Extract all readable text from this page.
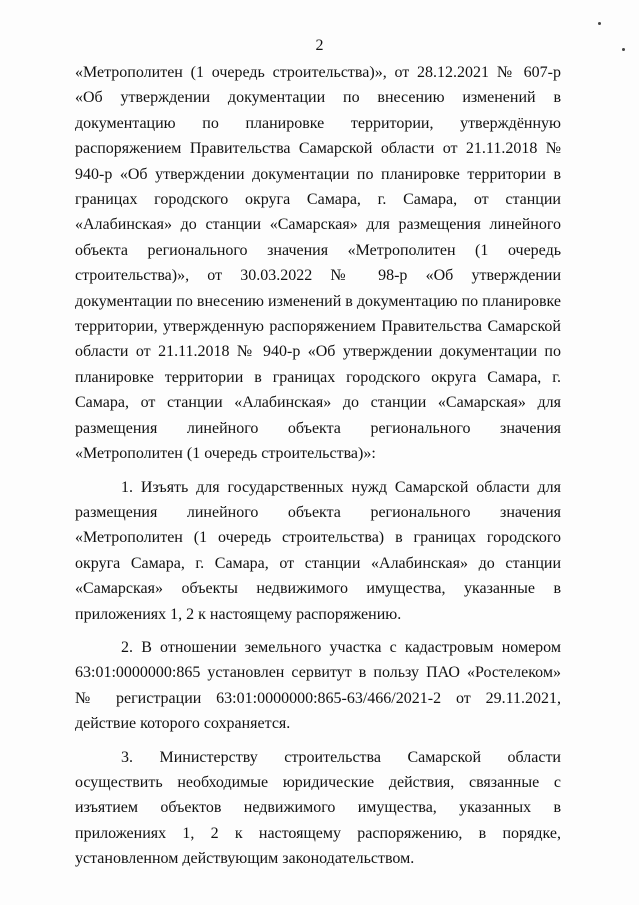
2

«Метрополитен (1 очередь строительства)», от 28.12.2021 № 607-р «Об утверждении документации по внесению изменений в документацию по планировке территории, утверждённую распоряжением Правительства Самарской области от 21.11.2018 № 940-р «Об утверждении документации по планировке территории в границах городского округа Самара, г. Самара, от станции «Алабинская» до станции «Самарская» для размещения линейного объекта регионального значения «Метрополитен (1 очередь строительства)», от 30.03.2022 № 98-р «Об утверждении документации по внесению изменений в документацию по планировке территории, утвержденную распоряжением Правительства Самарской области от 21.11.2018 № 940-р «Об утверждении документации по планировке территории в границах городского округа Самара, г. Самара, от станции «Алабинская» до станции «Самарская» для размещения линейного объекта регионального значения «Метрополитен (1 очередь строительства)»:

1. Изъять для государственных нужд Самарской области для размещения линейного объекта регионального значения «Метрополитен (1 очередь строительства) в границах городского округа Самара, г. Самара, от станции «Алабинская» до станции «Самарская» объекты недвижимого имущества, указанные в приложениях 1, 2 к настоящему распоряжению.

2. В отношении земельного участка с кадастровым номером 63:01:0000000:865 установлен сервитут в пользу ПАО «Ростелеком» № регистрации 63:01:0000000:865-63/466/2021-2 от 29.11.2021, действие которого сохраняется.

3. Министерству строительства Самарской области осуществить необходимые юридические действия, связанные с изъятием объектов недвижимого имущества, указанных в приложениях 1, 2 к настоящему распоряжению, в порядке, установленном действующим законодательством.
